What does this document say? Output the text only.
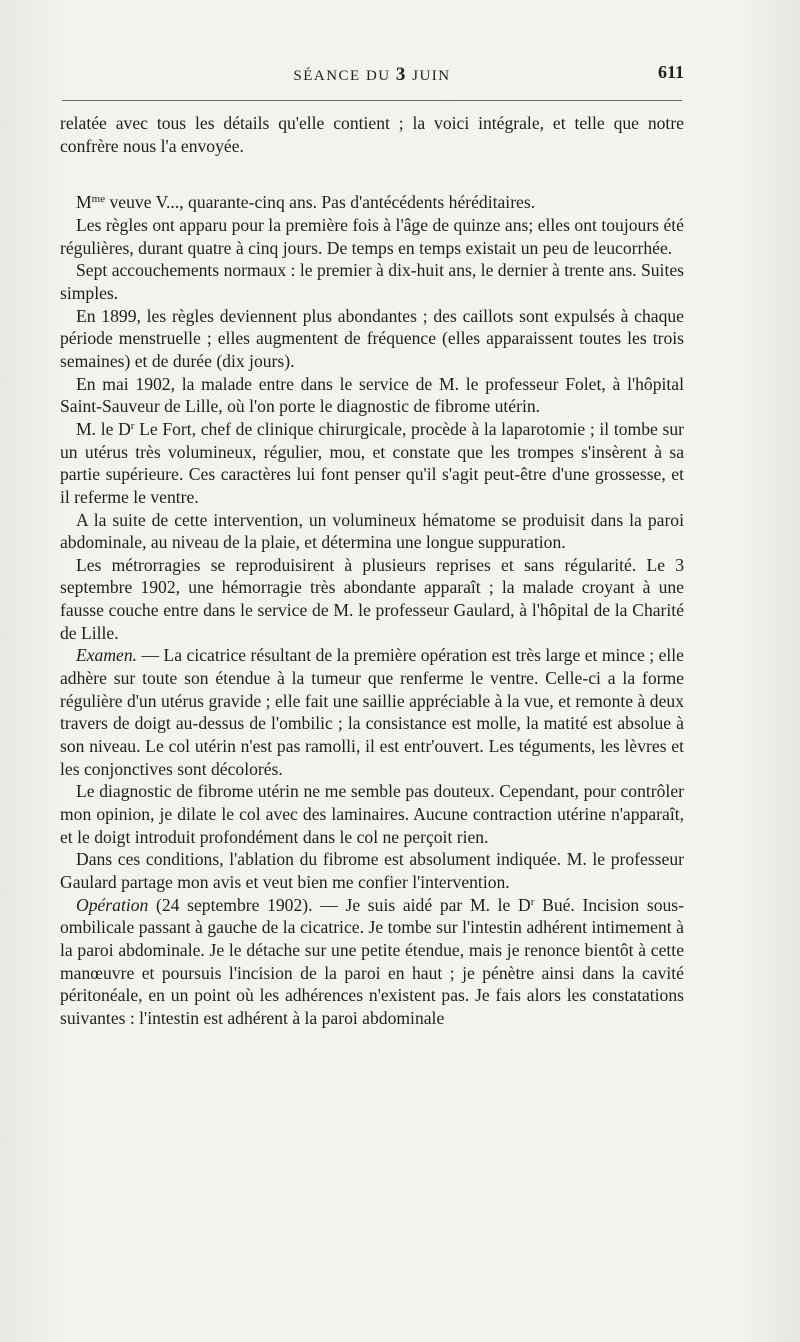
SÉANCE DU 3 JUIN	611

relatée avec tous les détails qu'elle contient ; la voici intégrale, et telle que notre confrère nous l'a envoyée.

$M^{me}$ veuve V..., quarante-cinq ans. Pas d'antécédents héréditaires.

Les règles ont apparu pour la première fois à l'âge de quinze ans; elles ont toujours été régulières, durant quatre à cinq jours. De temps en temps existait un peu de leucorrhée.

Sept accouchements normaux : le premier à dix-huit ans, le dernier à trente ans. Suites simples.

En 1899, les règles deviennent plus abondantes ; des caillots sont expulsés à chaque période menstruelle ; elles augmentent de fréquence (elles apparaissent toutes les trois semaines) et de durée (dix jours).

En mai 1902, la malade entre dans le service de M. le professeur Folet, à l'hôpital Saint-Sauveur de Lille, où l'on porte le diagnostic de fibrome utérin.

M. le $D^r$ Le Fort, chef de clinique chirurgicale, procède à la laparotomie ; il tombe sur un utérus très volumineux, régulier, mou, et constate que les trompes s'insèrent à sa partie supérieure. Ces caractères lui font penser qu'il s'agit peut-être d'une grossesse, et il referme le ventre.

A la suite de cette intervention, un volumineux hématome se produisit dans la paroi abdominale, au niveau de la plaie, et détermina une longue suppuration.

Les métrorragies se reproduisirent à plusieurs reprises et sans régularité. Le 3 septembre 1902, une hémorragie très abondante apparaît ; la malade croyant à une fausse couche entre dans le service de M. le professeur Gaulard, à l'hôpital de la Charité de Lille.

Examen. — La cicatrice résultant de la première opération est très large et mince ; elle adhère sur toute son étendue à la tumeur que renferme le ventre. Celle-ci a la forme régulière d'un utérus gravide ; elle fait une saillie appréciable à la vue, et remonte à deux travers de doigt au-dessus de l'ombilic ; la consistance est molle, la matité est absolue à son niveau. Le col utérin n'est pas ramolli, il est entr'ouvert. Les téguments, les lèvres et les conjonctives sont décolorés.

Le diagnostic de fibrome utérin ne me semble pas douteux. Cependant, pour contrôler mon opinion, je dilate le col avec des laminaires. Aucune contraction utérine n'apparaît, et le doigt introduit profondément dans le col ne perçoit rien.

Dans ces conditions, l'ablation du fibrome est absolument indiquée. M. le professeur Gaulard partage mon avis et veut bien me confier l'intervention.

Opération (24 septembre 1902). — Je suis aidé par M. le $D^r$ Bué. Incision sous-ombilicale passant à gauche de la cicatrice. Je tombe sur l'intestin adhérent intimement à la paroi abdominale. Je le détache sur une petite étendue, mais je renonce bientôt à cette manœuvre et poursuis l'incision de la paroi en haut ; je pénètre ainsi dans la cavité péritonéale, en un point où les adhérences n'existent pas. Je fais alors les constatations suivantes : l'intestin est adhérent à la paroi abdominale
